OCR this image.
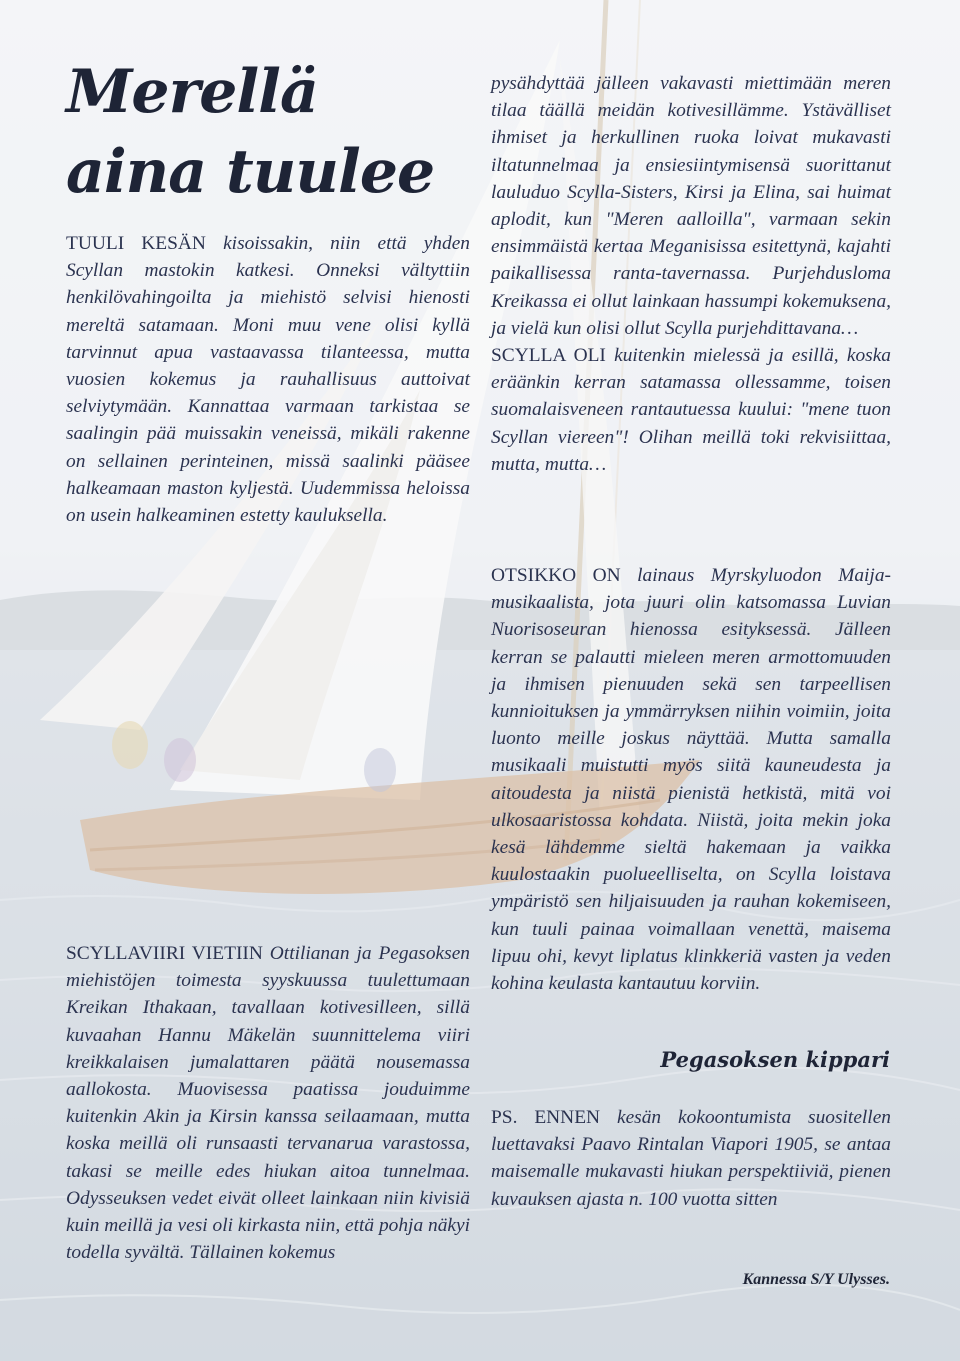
Merellä
aina tuulee

TUULI KESÄN kisoissakin, niin että yhden Scyllan mastokin katkesi. Onneksi vältyttiin henkilövahingoilta ja miehistö selvisi hienosti mereltä satamaan. Moni muu vene olisi kyllä tarvinnut apua vastaavassa tilanteessa, mutta vuosien kokemus ja rauhallisuus auttoivat selviytymään. Kannattaa varmaan tarkistaa se saalingin pää muissakin veneissä, mikäli rakenne on sellainen perinteinen, missä saalinki pääsee halkeamaan maston kyljestä. Uudemmissa heloissa on usein halkeaminen estetty kauluksella.

SCYLLAVIIRI VIETIIN Ottilianan ja Pegasoksen miehistöjen toimesta syyskuussa tuulettumaan Kreikan Ithakaan, tavallaan kotivesilleen, sillä kuvaahan Hannu Mäkelän suunnittelema viiri kreikkalaisen jumalattaren päätä nousemassa aallokosta. Muovisessa paatissa jouduimme kuitenkin Akin ja Kirsin kanssa seilaamaan, mutta koska meillä oli runsaasti tervanarua varastossa, takasi se meille edes hiukan aitoa tunnelmaa. Odysseuksen vedet eivät olleet lainkaan niin kivisiä kuin meillä ja vesi oli kirkasta niin, että pohja näkyi todella syvältä. Tällainen kokemus

pysähdyttää jälleen vakavasti miettimään meren tilaa täällä meidän kotivesillämme. Ystävälliset ihmiset ja herkullinen ruoka loivat mukavasti iltatunnelmaa ja ensiesiintymisensä suorittanut lauluduo Scylla-Sisters, Kirsi ja Elina, sai huimat aplodit, kun "Meren aalloilla", varmaan sekin ensimmäistä kertaa Meganisissa esitettynä, kajahti paikallisessa ranta-tavernassa. Purjehdusloma Kreikassa ei ollut lainkaan hassumpi kokemuksena, ja vielä kun olisi ollut Scylla purjehdittavana…
SCYLLA OLI kuitenkin mielessä ja esillä, koska eräänkin kerran satamassa ollessamme, toisen suomalaisveneen rantautuessa kuului: "mene tuon Scyllan viereen"! Olihan meillä toki rekvisiittaa, mutta, mutta…

OTSIKKO ON lainaus Myrskyluodon Maija-musikaalista, jota juuri olin katsomassa Luvian Nuorisoseuran hienossa esityksessä. Jälleen kerran se palautti mieleen meren armottomuuden ja ihmisen pienuuden sekä sen tarpeellisen kunnioituksen ja ymmärryksen niihin voimiin, joita luonto meille joskus näyttää. Mutta samalla musikaali muistutti myös siitä kauneudesta ja aitoudesta ja niistä pienistä hetkistä, mitä voi ulkosaaristossa kohdata. Niistä, joita mekin joka kesä lähdemme sieltä hakemaan ja vaikka kuulostaakin puolueelliselta, on Scylla loistava ympäristö sen hiljaisuuden ja rauhan kokemiseen, kun tuuli painaa voimallaan venettä, maisema lipuu ohi, kevyt liplatus klinkkeriä vasten ja veden kohina keulasta kantautuu korviin.

Pegasoksen kippari

PS. ENNEN kesän kokoontumista suositellen luettavaksi Paavo Rintalan Viapori 1905, se antaa maisemalle mukavasti hiukan perspektiiviä, pienen kuvauksen ajasta n. 100 vuotta sitten

Kannessa S/Y Ulysses.
